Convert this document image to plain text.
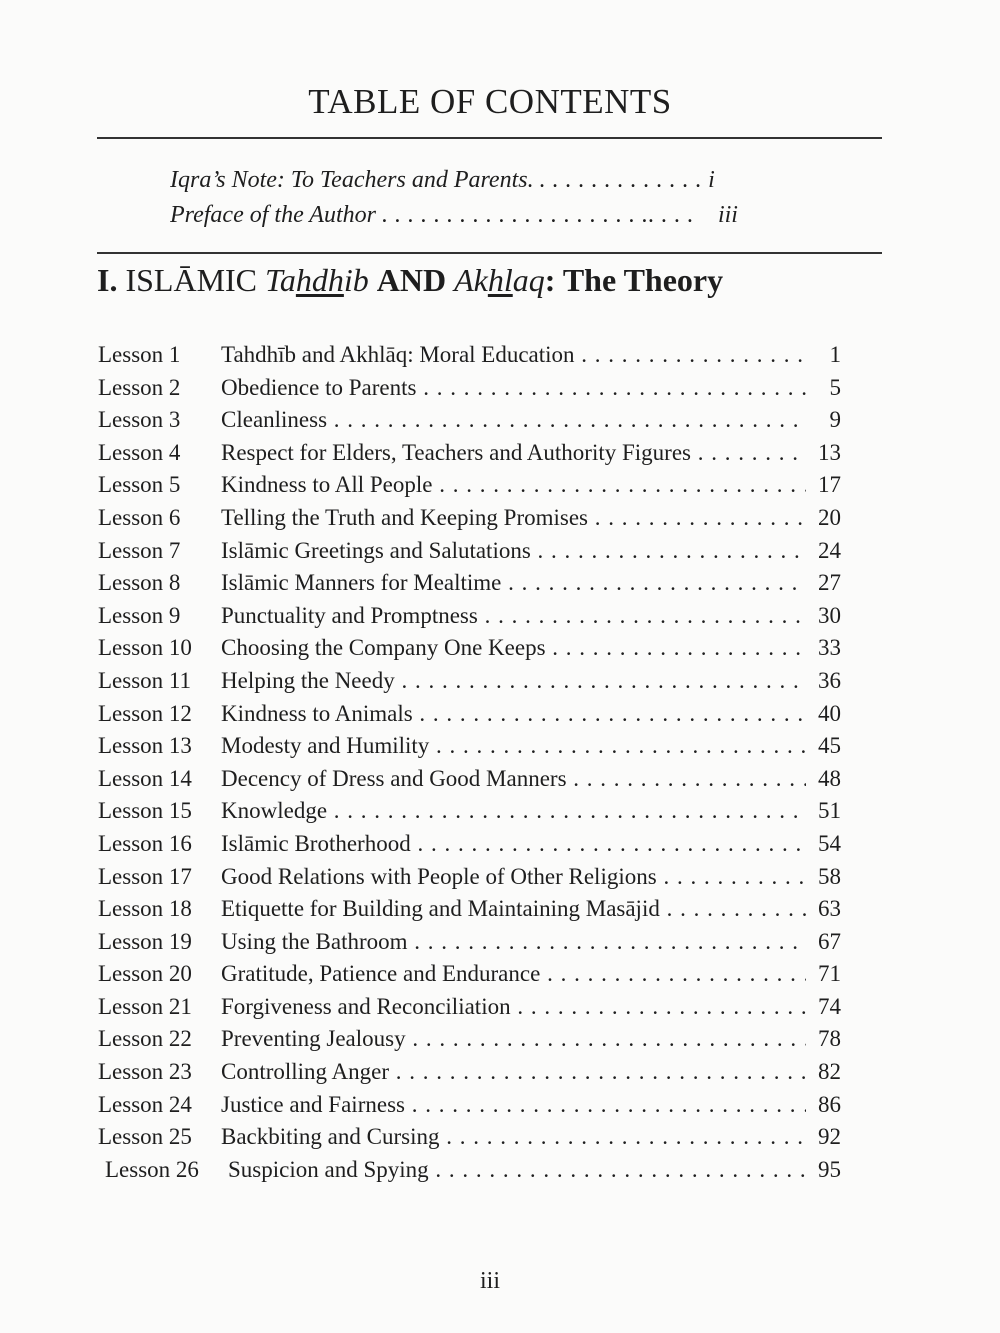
TABLE OF CONTENTS
Iqra’s Note: To Teachers and Parents. . . . . . . . . . . . . . i
Preface of the Author . . . . . . . . . . . . . . . . . . . . .. . . . iii
I. ISLĀMIC Tahdhib AND Akhlaq: The Theory
Lesson 1	Tahdhīb and Akhlāq: Moral Education . . .	1
Lesson 2	Obedience to Parents . . .	5
Lesson 3	Cleanliness . . .	9
Lesson 4	Respect for Elders, Teachers and Authority Figures . . .	13
Lesson 5	Kindness to All People . . .	17
Lesson 6	Telling the Truth and Keeping Promises . . .	20
Lesson 7	Islāmic Greetings and Salutations . . .	24
Lesson 8	Islāmic Manners for Mealtime . . .	27
Lesson 9	Punctuality and Promptness . . .	30
Lesson 10	Choosing the Company One Keeps . . .	33
Lesson 11	Helping the Needy . . .	36
Lesson 12	Kindness to Animals . . .	40
Lesson 13	Modesty and Humility . . .	45
Lesson 14	Decency of Dress and Good Manners . . .	48
Lesson 15	Knowledge . . .	51
Lesson 16	Islāmic Brotherhood . . .	54
Lesson 17	Good Relations with People of Other Religions . . .	58
Lesson 18	Etiquette for Building and Maintaining Masājid . . .	63
Lesson 19	Using the Bathroom . . .	67
Lesson 20	Gratitude, Patience and Endurance . . .	71
Lesson 21	Forgiveness and Reconciliation . . .	74
Lesson 22	Preventing Jealousy . . .	78
Lesson 23	Controlling Anger . . .	82
Lesson 24	Justice and Fairness . . .	86
Lesson 25	Backbiting and Cursing . . .	92
Lesson 26	Suspicion and Spying . . .	95
iii
